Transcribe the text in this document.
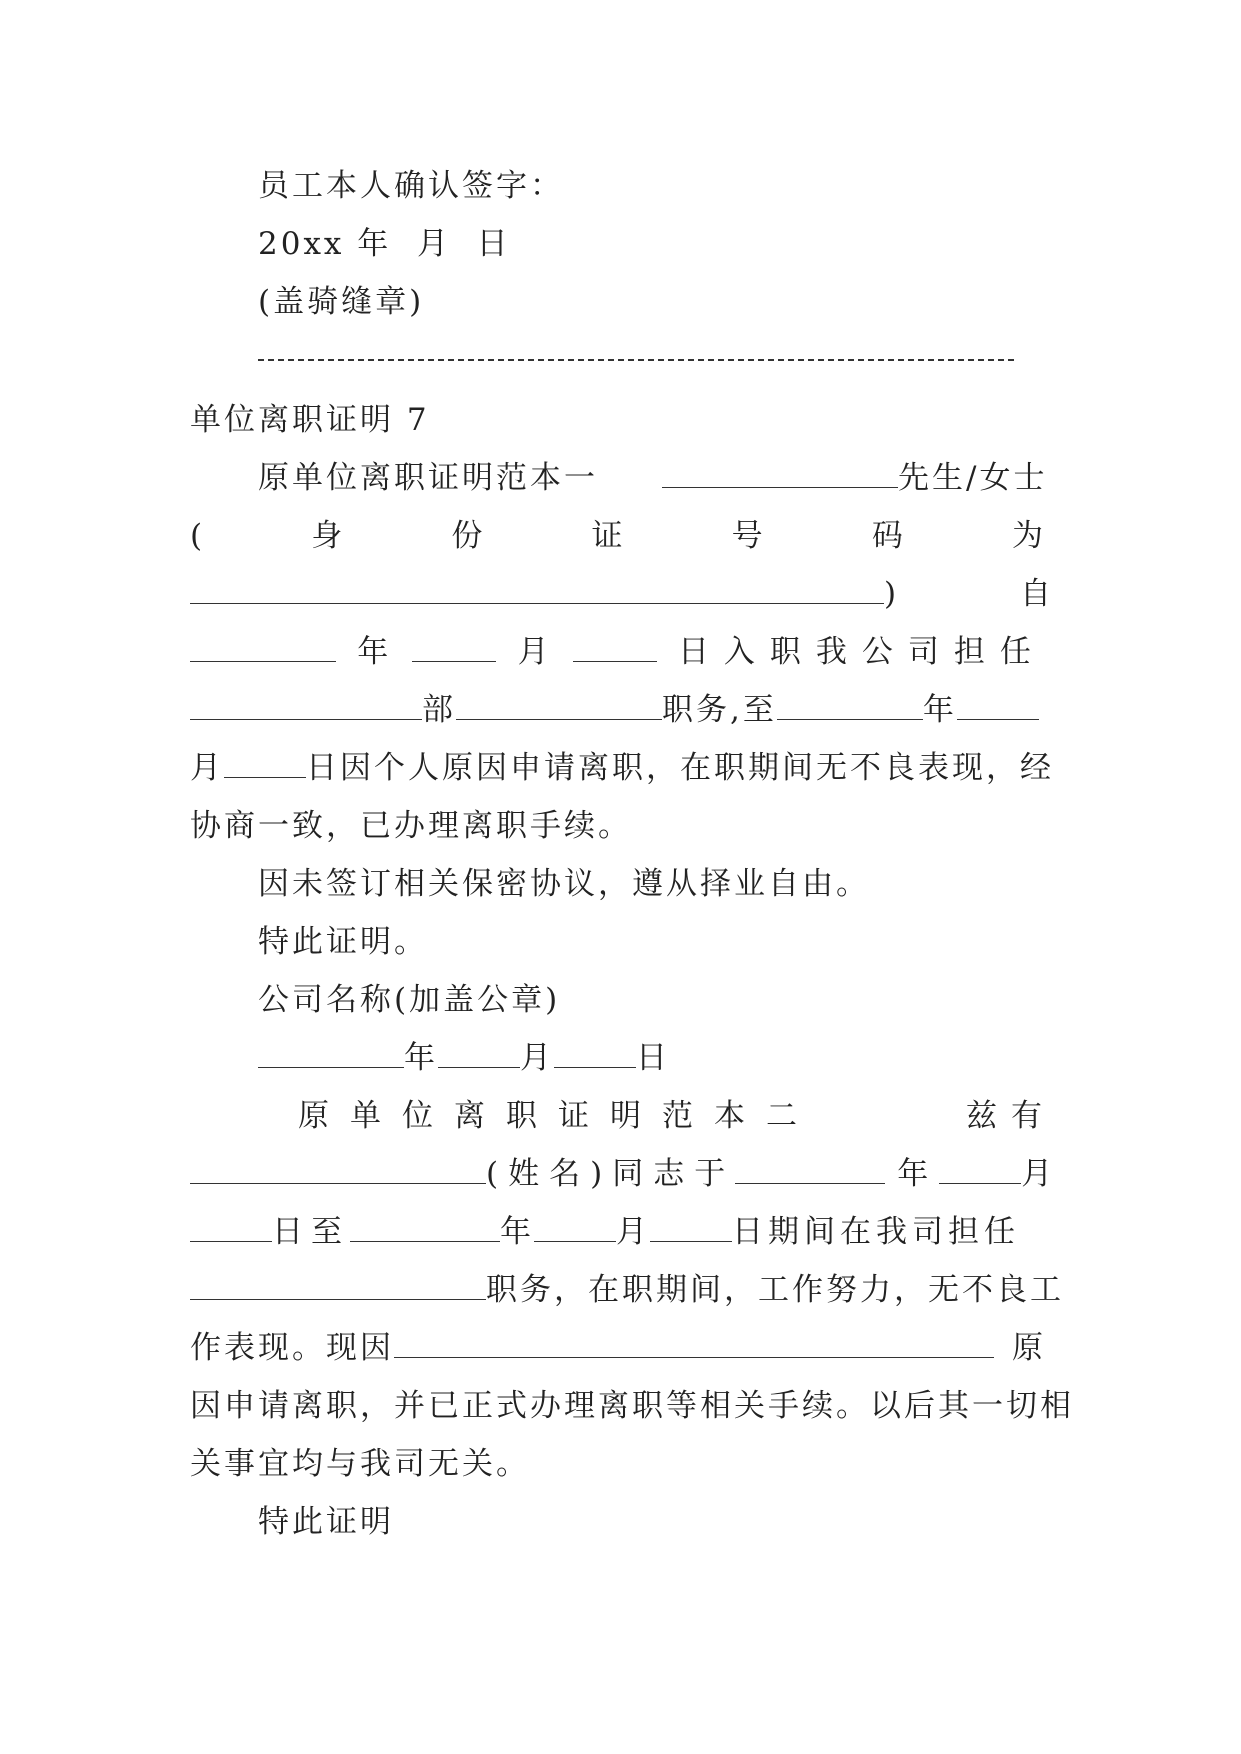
员工本人确认签字：
20xx 年  月  日
(盖骑缝章)
单位离职证明 7
原单位离职证明范本一	先生/女士
(	身	份	证	号	码	为
)	自
年	月	日入职我公司担任
部	职务,至	年
月	日因个人原因申请离职，在职期间无不良表现，经
协商一致，已办理离职手续。
因未签订相关保密协议，遵从择业自由。
特此证明。
公司名称(加盖公章)
年	月	日
原单位离职证明范本二	兹有
(姓名)同志于	年	月
日至	年	月	日期间在我司担任
职务，在职期间，工作努力，无不良工
作表现。现因	原
因申请离职，并已正式办理离职等相关手续。以后其一切相
关事宜均与我司无关。
特此证明
